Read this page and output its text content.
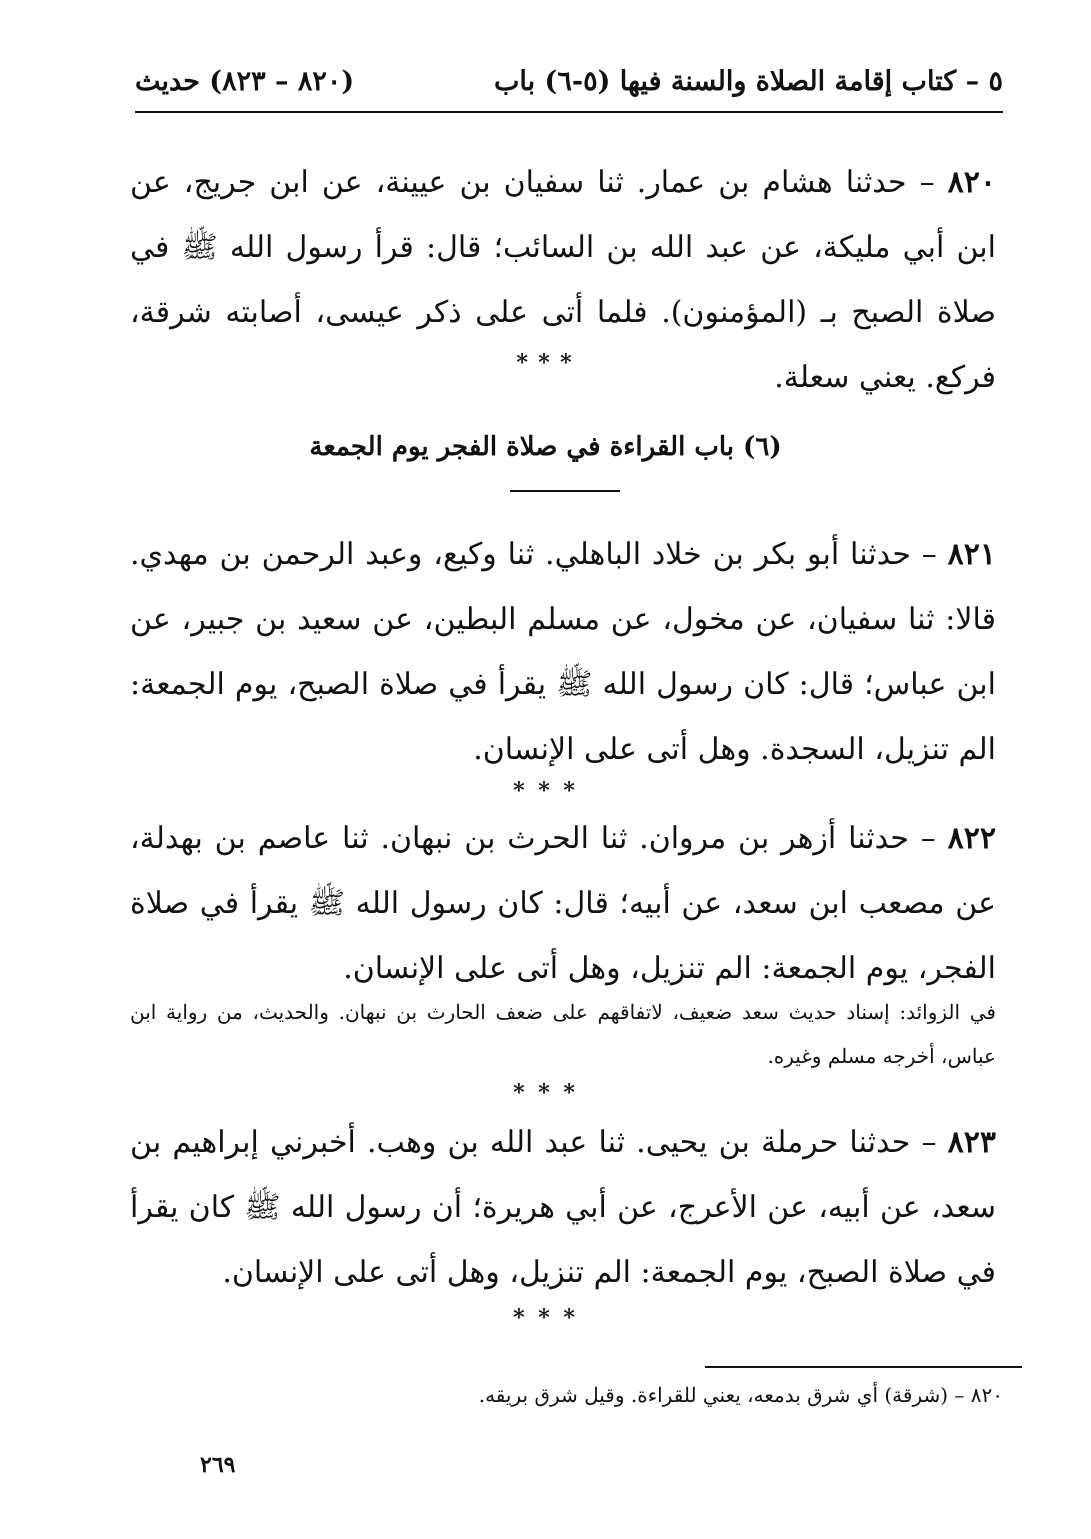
٥ – كتاب إقامة الصلاة والسنة فيها (٥-٦) باب
(٨٢٠ – ٨٢٣) حديث
٨٢٠ – حدثنا هشام بن عمار. ثنا سفيان بن عيينة، عن ابن جريج، عن ابن أبي مليكة، عن عبد الله بن السائب؛ قال: قرأ رسول الله ﷺ في صلاة الصبح بـ (المؤمنون). فلما أتى على ذكر عيسى، أصابته شرقة، فركع. يعني سعلة.
* * *
(٦) باب القراءة في صلاة الفجر يوم الجمعة
٨٢١ – حدثنا أبو بكر بن خلاد الباهلي. ثنا وكيع، وعبد الرحمن بن مهدي. قالا: ثنا سفيان، عن مخول، عن مسلم البطين، عن سعيد بن جبير، عن ابن عباس؛ قال: كان رسول الله ﷺ يقرأ في صلاة الصبح، يوم الجمعة: الم تنزيل، السجدة. وهل أتى على الإنسان.
* * *
٨٢٢ – حدثنا أزهر بن مروان. ثنا الحرث بن نبهان. ثنا عاصم بن بهدلة، عن مصعب ابن سعد، عن أبيه؛ قال: كان رسول الله ﷺ يقرأ في صلاة الفجر، يوم الجمعة: الم تنزيل، وهل أتى على الإنسان.
في الزوائد: إسناد حديث سعد ضعيف، لاتفاقهم على ضعف الحارث بن نبهان. والحديث، من رواية ابن عباس، أخرجه مسلم وغيره.
* * *
٨٢٣ – حدثنا حرملة بن يحيى. ثنا عبد الله بن وهب. أخبرني إبراهيم بن سعد، عن أبيه، عن الأعرج، عن أبي هريرة؛ أن رسول الله ﷺ كان يقرأ في صلاة الصبح، يوم الجمعة: الم تنزيل، وهل أتى على الإنسان.
* * *
٨٢٠ – (شرقة) أي شرق بدمعه، يعني للقراءة. وقيل شرق بريقه.
٢٦٩
